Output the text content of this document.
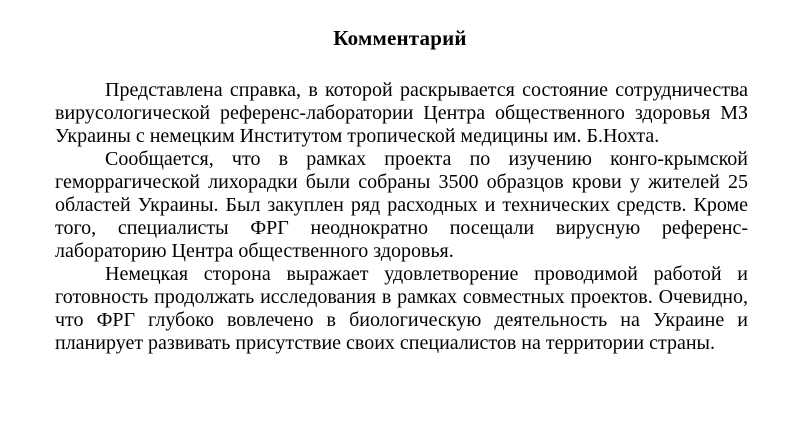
Комментарий

Представлена справка, в которой раскрывается состояние сотрудничества вирусологической референс-лаборатории Центра общественного здоровья МЗ Украины с немецким Институтом тропической медицины им. Б.Нохта.

Сообщается, что в рамках проекта по изучению конго-крымской геморрагической лихорадки были собраны 3500 образцов крови у жителей 25 областей Украины. Был закуплен ряд расходных и технических средств. Кроме того, специалисты ФРГ неоднократно посещали вирусную референс-лабораторию Центра общественного здоровья.

Немецкая сторона выражает удовлетворение проводимой работой и готовность продолжать исследования в рамках совместных проектов. Очевидно, что ФРГ глубоко вовлечено в биологическую деятельность на Украине и планирует развивать присутствие своих специалистов на территории страны.
